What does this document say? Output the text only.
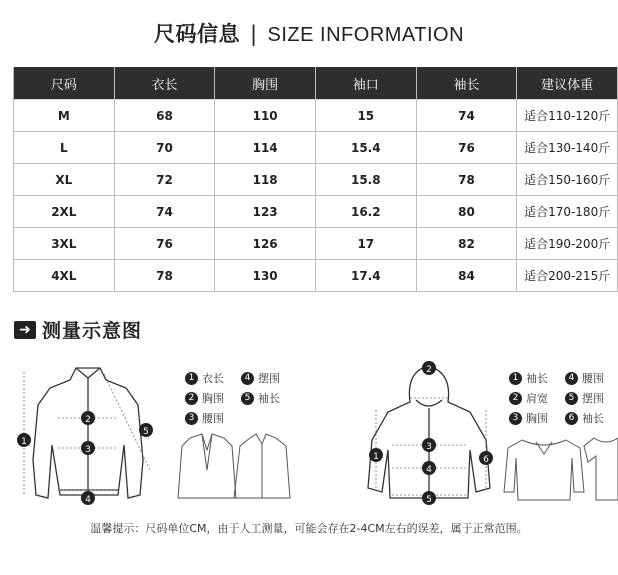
尺码信息 | SIZE INFORMATION
尺码	衣长	胸围	袖口	袖长	建议体重
M	68	110	15	74	适合110-120斤
L	70	114	15.4	76	适合130-140斤
XL	72	118	15.8	78	适合150-160斤
2XL	74	123	16.2	80	适合170-180斤
3XL	76	126	17	82	适合190-200斤
4XL	78	130	17.4	84	适合200-215斤
➜ 测量示意图
1
2
3
4
5
1
2
3
4
5
6
1 衣长	4 摆围
2 胸围	5 袖长
3 腰围
1 袖长	4 腰围
2 肩宽	5 摆围
3 胸围	6 袖长
温馨提示：尺码单位CM，由于人工测量，可能会存在2-4CM左右的误差，属于正常范围。
